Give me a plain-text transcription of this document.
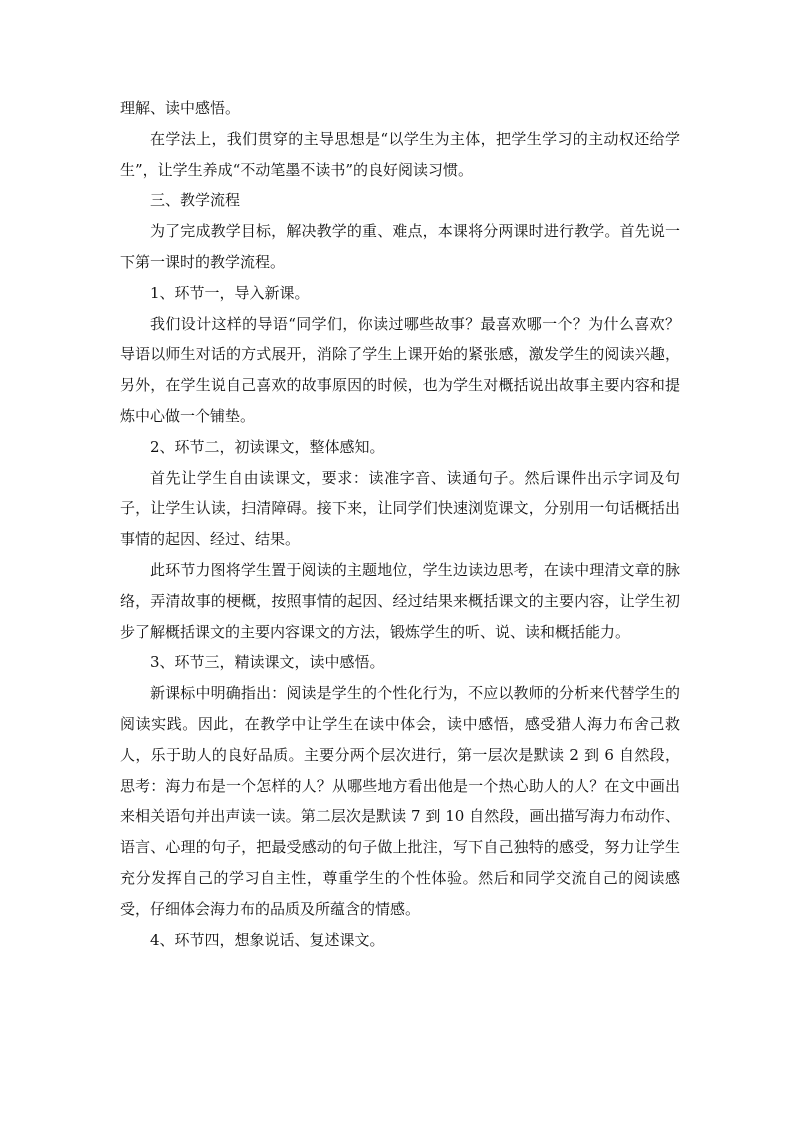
理解、读中感悟。

在学法上，我们贯穿的主导思想是“以学生为主体，把学生学习的主动权还给学生”，让学生养成“不动笔墨不读书”的良好阅读习惯。

三、教学流程

为了完成教学目标，解决教学的重、难点，本课将分两课时进行教学。首先说一下第一课时的教学流程。

1、环节一，导入新课。

我们设计这样的导语“同学们，你读过哪些故事？最喜欢哪一个？为什么喜欢？导语以师生对话的方式展开，消除了学生上课开始的紧张感，激发学生的阅读兴趣，另外，在学生说自己喜欢的故事原因的时候，也为学生对概括说出故事主要内容和提炼中心做一个铺垫。

2、环节二，初读课文，整体感知。

首先让学生自由读课文，要求：读准字音、读通句子。然后课件出示字词及句子，让学生认读，扫清障碍。接下来，让同学们快速浏览课文，分别用一句话概括出事情的起因、经过、结果。

此环节力图将学生置于阅读的主题地位，学生边读边思考，在读中理清文章的脉络，弄清故事的梗概，按照事情的起因、经过结果来概括课文的主要内容，让学生初步了解概括课文的主要内容课文的方法，锻炼学生的听、说、读和概括能力。

3、环节三，精读课文，读中感悟。

新课标中明确指出：阅读是学生的个性化行为，不应以教师的分析来代替学生的阅读实践。因此，在教学中让学生在读中体会，读中感悟，感受猎人海力布舍己救人，乐于助人的良好品质。主要分两个层次进行，第一层次是默读 2 到 6 自然段，思考：海力布是一个怎样的人？从哪些地方看出他是一个热心助人的人？在文中画出来相关语句并出声读一读。第二层次是默读 7 到 10 自然段，画出描写海力布动作、语言、心理的句子，把最受感动的句子做上批注，写下自己独特的感受，努力让学生充分发挥自己的学习自主性，尊重学生的个性体验。然后和同学交流自己的阅读感受，仔细体会海力布的品质及所蕴含的情感。

4、环节四，想象说话、复述课文。
